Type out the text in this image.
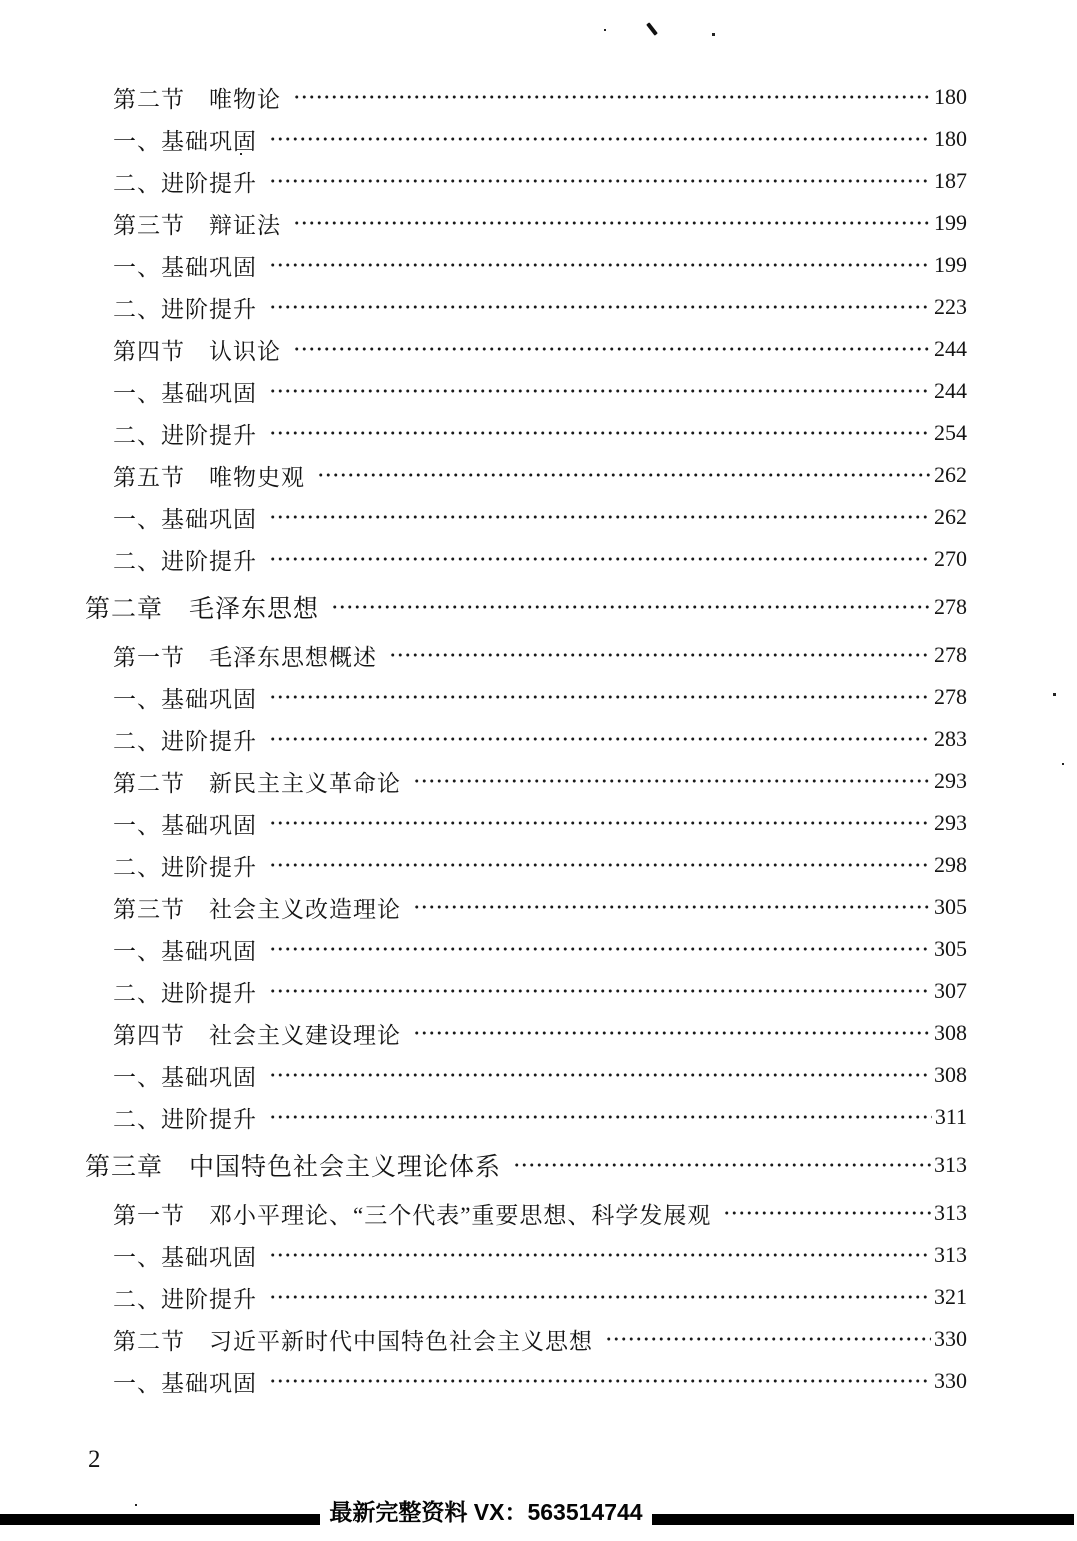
第二节　唯物论	180
一、基础巩固	180
二、进阶提升	187
第三节　辩证法	199
一、基础巩固	199
二、进阶提升	223
第四节　认识论	244
一、基础巩固	244
二、进阶提升	254
第五节　唯物史观	262
一、基础巩固	262
二、进阶提升	270
第二章　毛泽东思想	278
第一节　毛泽东思想概述	278
一、基础巩固	278
二、进阶提升	283
第二节　新民主主义革命论	293
一、基础巩固	293
二、进阶提升	298
第三节　社会主义改造理论	305
一、基础巩固	305
二、进阶提升	307
第四节　社会主义建设理论	308
一、基础巩固	308
二、进阶提升	311
第三章　中国特色社会主义理论体系	313
第一节　邓小平理论、“三个代表”重要思想、科学发展观	313
一、基础巩固	313
二、进阶提升	321
第二节　习近平新时代中国特色社会主义思想	330
一、基础巩固	330
2
最新完整资料 VX：563514744
